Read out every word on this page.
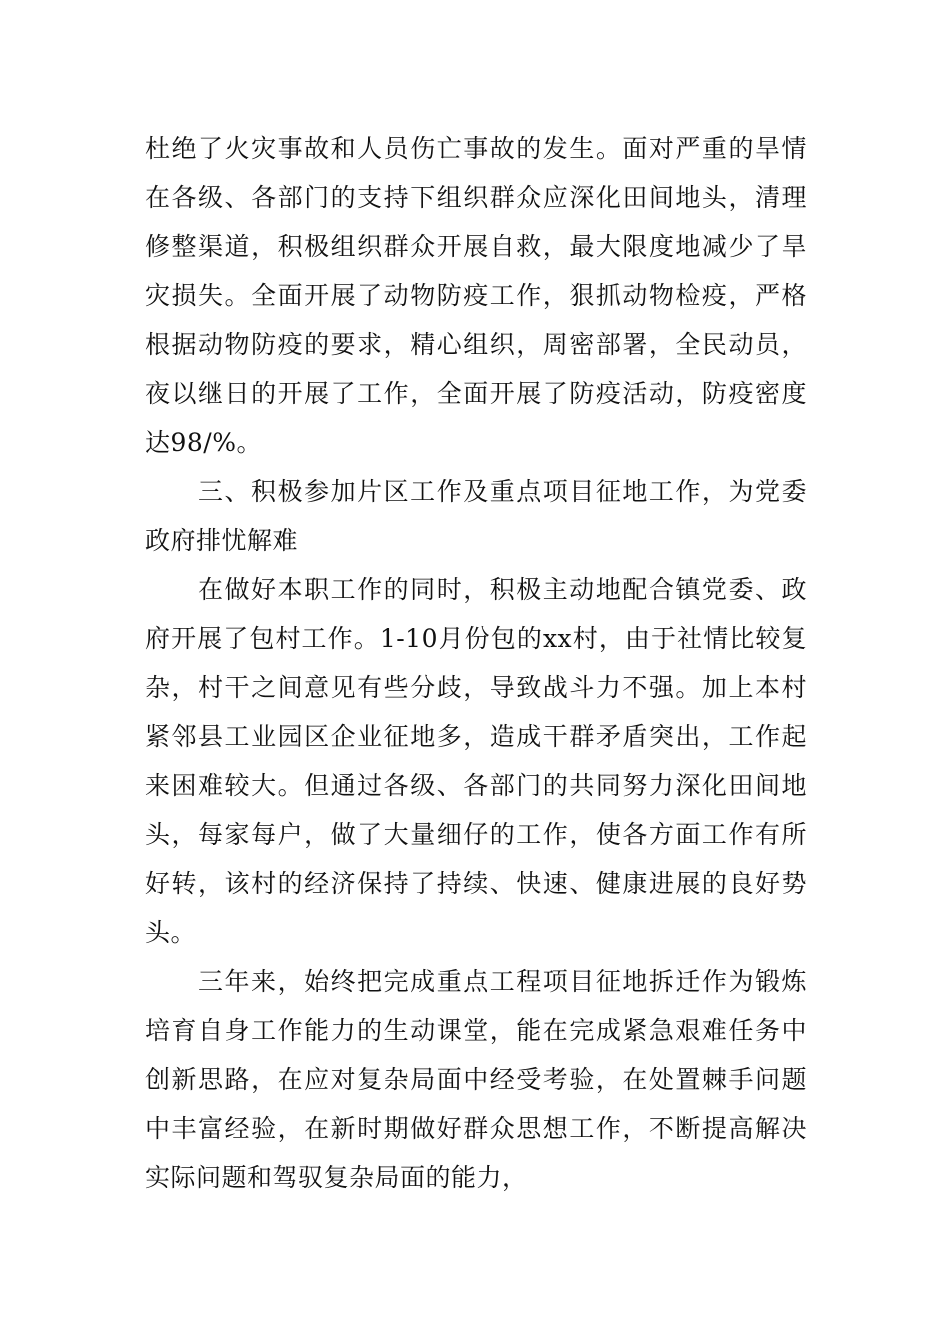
杜绝了火灾事故和人员伤亡事故的发生。面对严重的旱情在各级、各部门的支持下组织群众应深化田间地头，清理修整渠道，积极组织群众开展自救，最大限度地减少了旱灾损失。全面开展了动物防疫工作，狠抓动物检疫，严格根据动物防疫的要求，精心组织，周密部署，全民动员，夜以继日的开展了工作，全面开展了防疫活动，防疫密度达98/%。

三、积极参加片区工作及重点项目征地工作，为党委政府排忧解难

在做好本职工作的同时，积极主动地配合镇党委、政府开展了包村工作。1-10月份包的xx村，由于社情比较复杂，村干之间意见有些分歧，导致战斗力不强。加上本村紧邻县工业园区企业征地多，造成干群矛盾突出，工作起来困难较大。但通过各级、各部门的共同努力深化田间地头，每家每户，做了大量细仔的工作，使各方面工作有所好转，该村的经济保持了持续、快速、健康进展的良好势头。

三年来，始终把完成重点工程项目征地拆迁作为锻炼培育自身工作能力的生动课堂，能在完成紧急艰难任务中创新思路，在应对复杂局面中经受考验，在处置棘手问题中丰富经验，在新时期做好群众思想工作，不断提高解决实际问题和驾驭复杂局面的能力，
